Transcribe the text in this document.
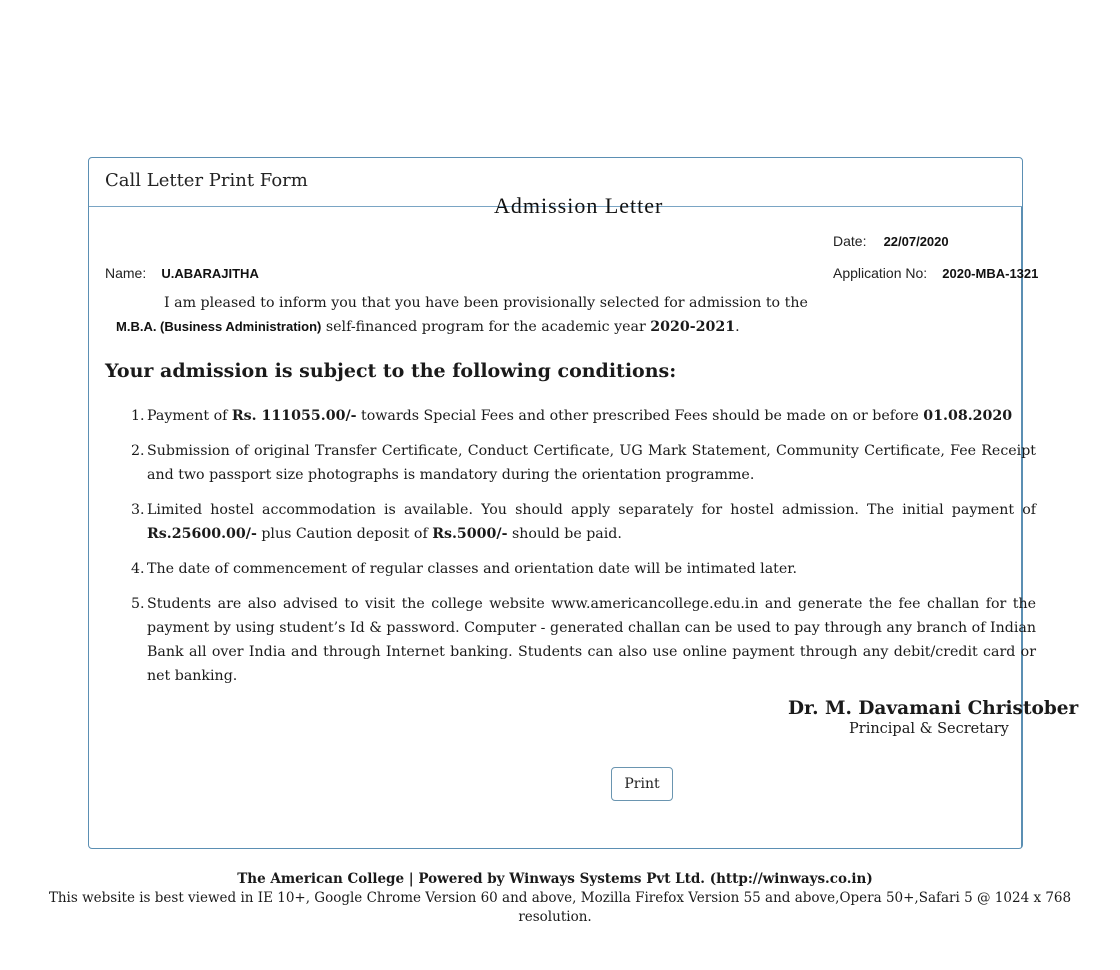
Call Letter Print Form
Admission Letter
Date: 22/07/2020
Name: U.ABARAJITHA	Application No: 2020-MBA-1321
I am pleased to inform you that you have been provisionally selected for admission to the
M.B.A. (Business Administration) self-financed program for the academic year 2020-2021.
Your admission is subject to the following conditions:
1. Payment of Rs. 111055.00/- towards Special Fees and other prescribed Fees should be made on or before 01.08.2020
2. Submission of original Transfer Certificate, Conduct Certificate, UG Mark Statement, Community Certificate, Fee Receipt and two passport size photographs is mandatory during the orientation programme.
3. Limited hostel accommodation is available. You should apply separately for hostel admission. The initial payment of Rs.25600.00/- plus Caution deposit of Rs.5000/- should be paid.
4. The date of commencement of regular classes and orientation date will be intimated later.
5. Students are also advised to visit the college website www.americancollege.edu.in and generate the fee challan for the payment by using student’s Id & password. Computer - generated challan can be used to pay through any branch of Indian Bank all over India and through Internet banking. Students can also use online payment through any debit/credit card or net banking.
Dr. M. Davamani Christober
Principal & Secretary
Print
The American College | Powered by Winways Systems Pvt Ltd. (http://winways.co.in)
This website is best viewed in IE 10+, Google Chrome Version 60 and above, Mozilla Firefox Version 55 and above,Opera 50+,Safari 5 @ 1024 x 768
resolution.
